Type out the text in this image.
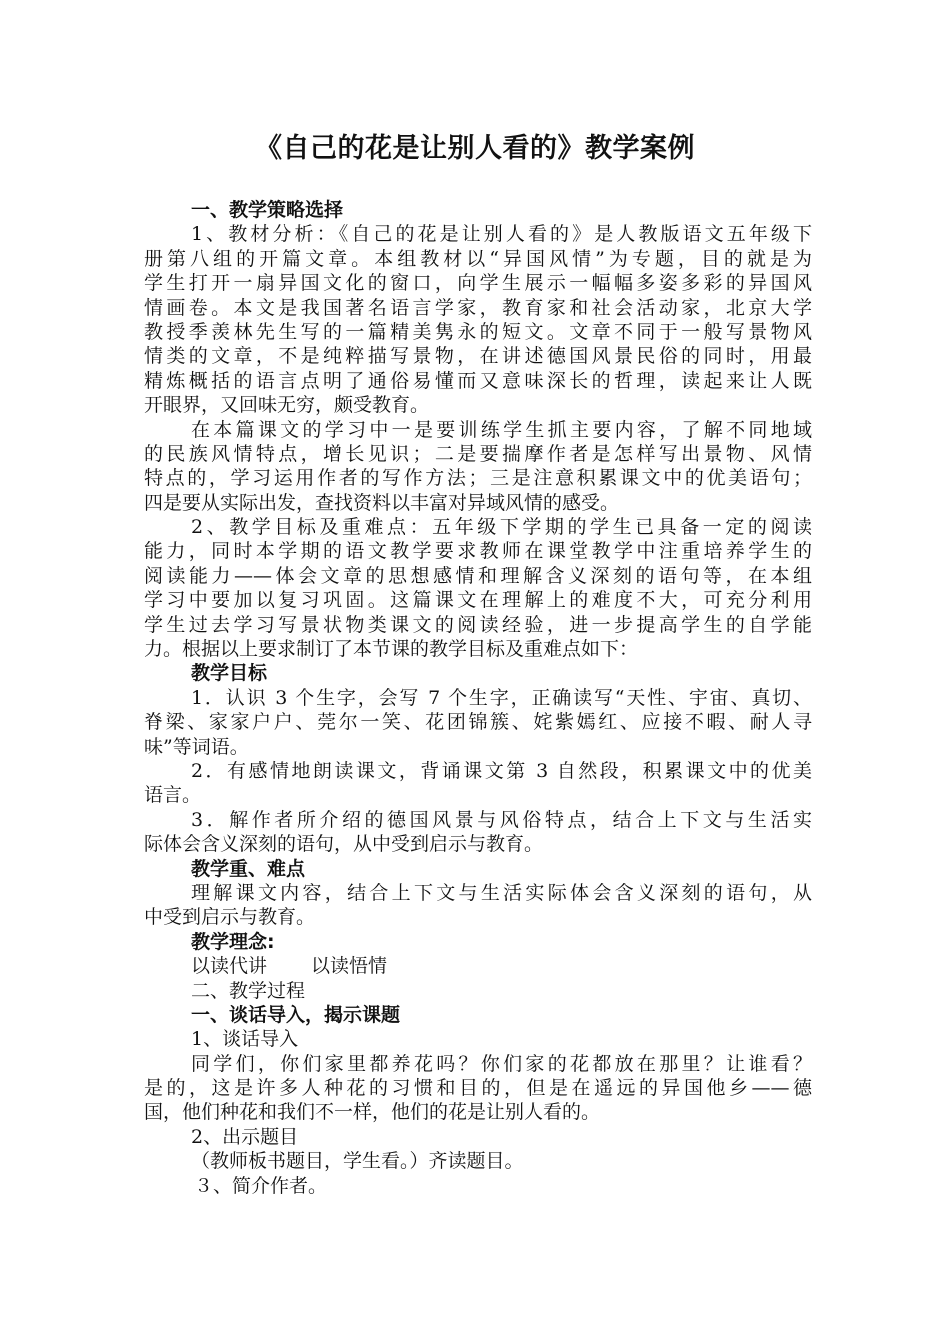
《自己的花是让别人看的》教学案例
一、教学策略选择
1、教材分析：《自己的花是让别人看的》是人教版语文五年级下
册第八组的开篇文章。本组教材以“异国风情”为专题，目的就是为
学生打开一扇异国文化的窗口，向学生展示一幅幅多姿多彩的异国风
情画卷。本文是我国著名语言学家，教育家和社会活动家，北京大学
教授季羡林先生写的一篇精美隽永的短文。文章不同于一般写景物风
情类的文章，不是纯粹描写景物，在讲述德国风景民俗的同时，用最
精炼概括的语言点明了通俗易懂而又意味深长的哲理，读起来让人既
开眼界，又回味无穷，颇受教育。
在本篇课文的学习中一是要训练学生抓主要内容，了解不同地域
的民族风情特点，增长见识；二是要揣摩作者是怎样写出景物、风情
特点的，学习运用作者的写作方法；三是注意积累课文中的优美语句；
四是要从实际出发，查找资料以丰富对异域风情的感受。
2、教学目标及重难点：五年级下学期的学生已具备一定的阅读
能力，同时本学期的语文教学要求教师在课堂教学中注重培养学生的
阅读能力——体会文章的思想感情和理解含义深刻的语句等，在本组
学习中要加以复习巩固。这篇课文在理解上的难度不大，可充分利用
学生过去学习写景状物类课文的阅读经验，进一步提高学生的自学能
力。根据以上要求制订了本节课的教学目标及重难点如下：
教学目标
1．认识 3 个生字，会写 7 个生字，正确读写“天性、宇宙、真切、
脊梁、家家户户、莞尔一笑、花团锦簇、姹紫嫣红、应接不暇、耐人寻
味”等词语。
2．有感情地朗读课文，背诵课文第 3 自然段，积累课文中的优美
语言。
3．解作者所介绍的德国风景与风俗特点，结合上下文与生活实
际体会含义深刻的语句，从中受到启示与教育。
教学重、难点
理解课文内容，结合上下文与生活实际体会含义深刻的语句，从
中受到启示与教育。
教学理念:
以读代讲 以读悟情
二、教学过程
一、谈话导入，揭示课题
1、谈话导入
同学们，你们家里都养花吗？你们家的花都放在那里？让谁看？
是的，这是许多人种花的习惯和目的，但是在遥远的异国他乡——德
国，他们种花和我们不一样，他们的花是让别人看的。
2、出示题目
（教师板书题目，学生看。）齐读题目。
３、简介作者。
